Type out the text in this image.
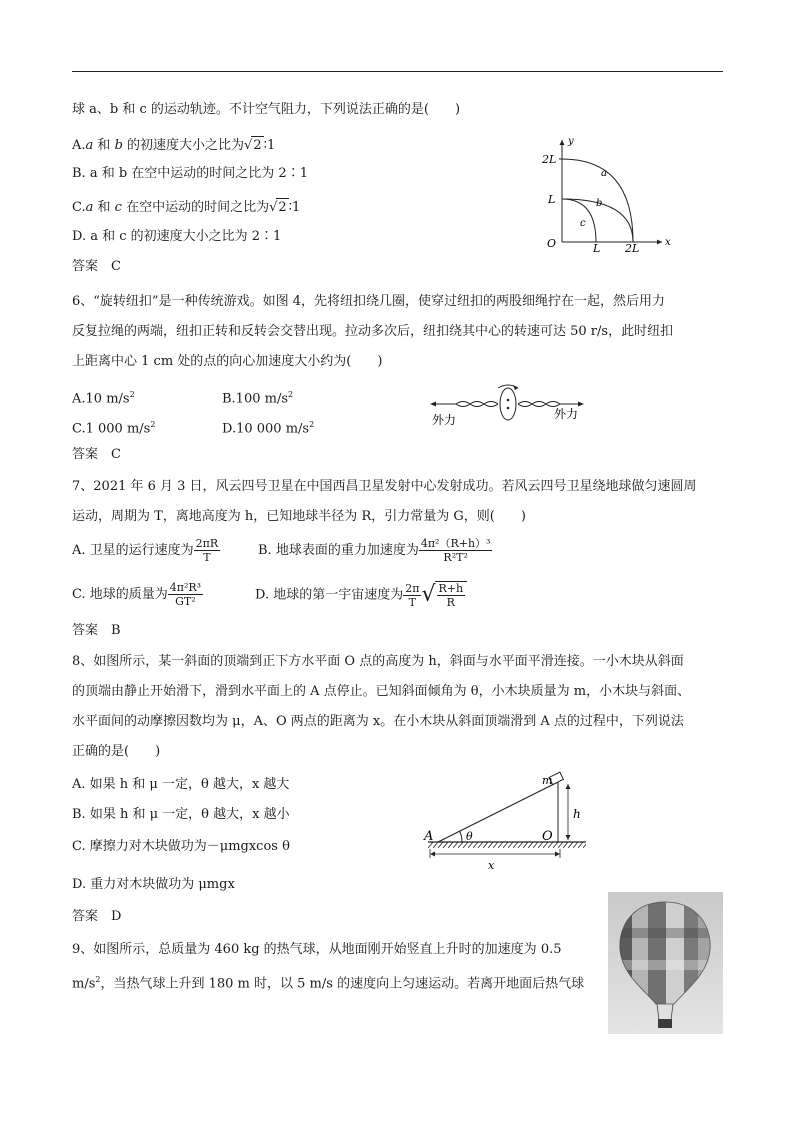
球 a、b 和 c 的运动轨迹。不计空气阻力，下列说法正确的是(　　)
A.a 和 b 的初速度大小之比为√2 ∶1
B. a 和 b 在空中运动的时间之比为 2∶1
C.a 和 c 在空中运动的时间之比为√2 ∶1
D. a 和 c 的初速度大小之比为 2∶1
答案　C
y
x
2L
L
O	L 2L
a
b
c
6、“旋转纽扣”是一种传统游戏。如图 4，先将纽扣绕几圈，使穿过纽扣的两股细绳拧在一起，然后用力
反复拉绳的两端，纽扣正转和反转会交替出现。拉动多次后，纽扣绕其中心的转速可达 50 r/s，此时纽扣
上距离中心 1 cm 处的点的向心加速度大小约为(　　)
A.10 $m/s^2$	B.100 $m/s^2$
C.1 000 $m/s^2$	D.10 000 $m/s^2$
答案　C
外力	外力
7、2021 年 6 月 3 日，风云四号卫星在中国西昌卫星发射中心发射成功。若风云四号卫星绕地球做匀速圆周
运动，周期为 T，离地高度为 h，已知地球半径为 R，引力常量为 G，则(　　)
A. 卫星的运行速度为 $\frac{2\pi R}{T}$	B. 地球表面的重力加速度为 $\frac{\text{4π²（R+h）³}}{\text{R²T²}}$
C. 地球的质量为 $\frac{\text{4π²R³}}{\text{GT²}}$	D. 地球的第一宇宙速度为 $\frac{2\pi}{T}$ √ $\frac{R+h}{R}$
答案　B
8、如图所示，某一斜面的顶端到正下方水平面 O 点的高度为 h，斜面与水平面平滑连接。一小木块从斜面
的顶端由静止开始滑下，滑到水平面上的 A 点停止。已知斜面倾角为 θ，小木块质量为 m，小木块与斜面、
水平面间的动摩擦因数均为 μ，A、O 两点的距离为 x。在小木块从斜面顶端滑到 A 点的过程中，下列说法
正确的是(　　)
A. 如果 h 和 μ 一定，θ 越大，x 越大
B. 如果 h 和 μ 一定，θ 越大，x 越小
C. 摩擦力对木块做功为－μmgxcos θ
D. 重力对木块做功为 μmgx
答案　D
m
h
A	O
θ
x
9、如图所示，总质量为 460 kg 的热气球，从地面刚开始竖直上升时的加速度为 0.5
$m/s^2$，当热气球上升到 180 m 时，以 5 m/s 的速度向上匀速运动。若离开地面后热气球
